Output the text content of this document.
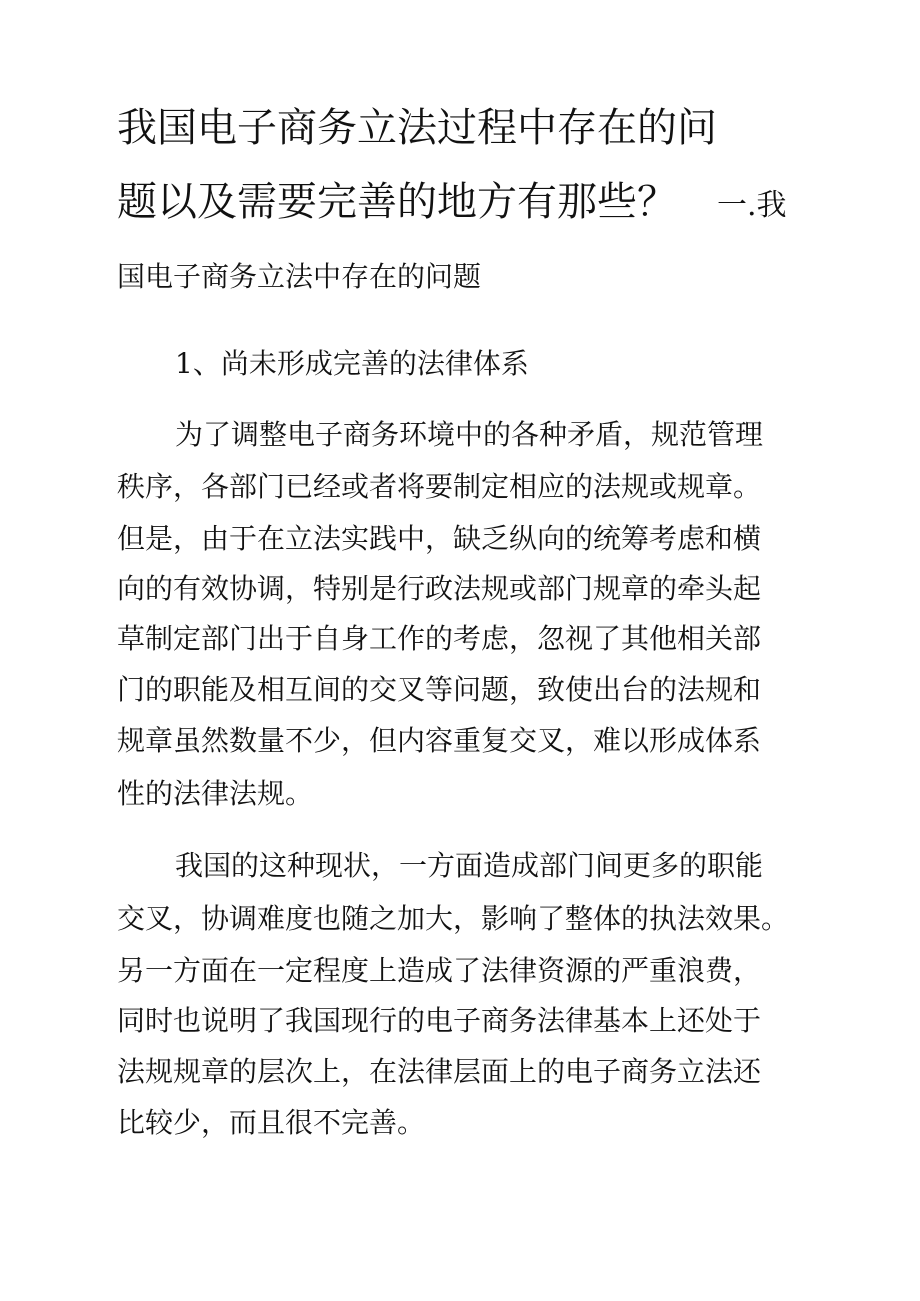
我国电子商务立法过程中存在的问
题以及需要完善的地方有那些？ 一.我
国电子商务立法中存在的问题
1、尚未形成完善的法律体系
为了调整电子商务环境中的各种矛盾，规范管理
秩序，各部门已经或者将要制定相应的法规或规章。
但是，由于在立法实践中，缺乏纵向的统筹考虑和横
向的有效协调，特别是行政法规或部门规章的牵头起
草制定部门出于自身工作的考虑，忽视了其他相关部
门的职能及相互间的交叉等问题，致使出台的法规和
规章虽然数量不少，但内容重复交叉，难以形成体系
性的法律法规。
我国的这种现状，一方面造成部门间更多的职能
交叉，协调难度也随之加大，影响了整体的执法效果。
另一方面在一定程度上造成了法律资源的严重浪费，
同时也说明了我国现行的电子商务法律基本上还处于
法规规章的层次上，在法律层面上的电子商务立法还
比较少，而且很不完善。
